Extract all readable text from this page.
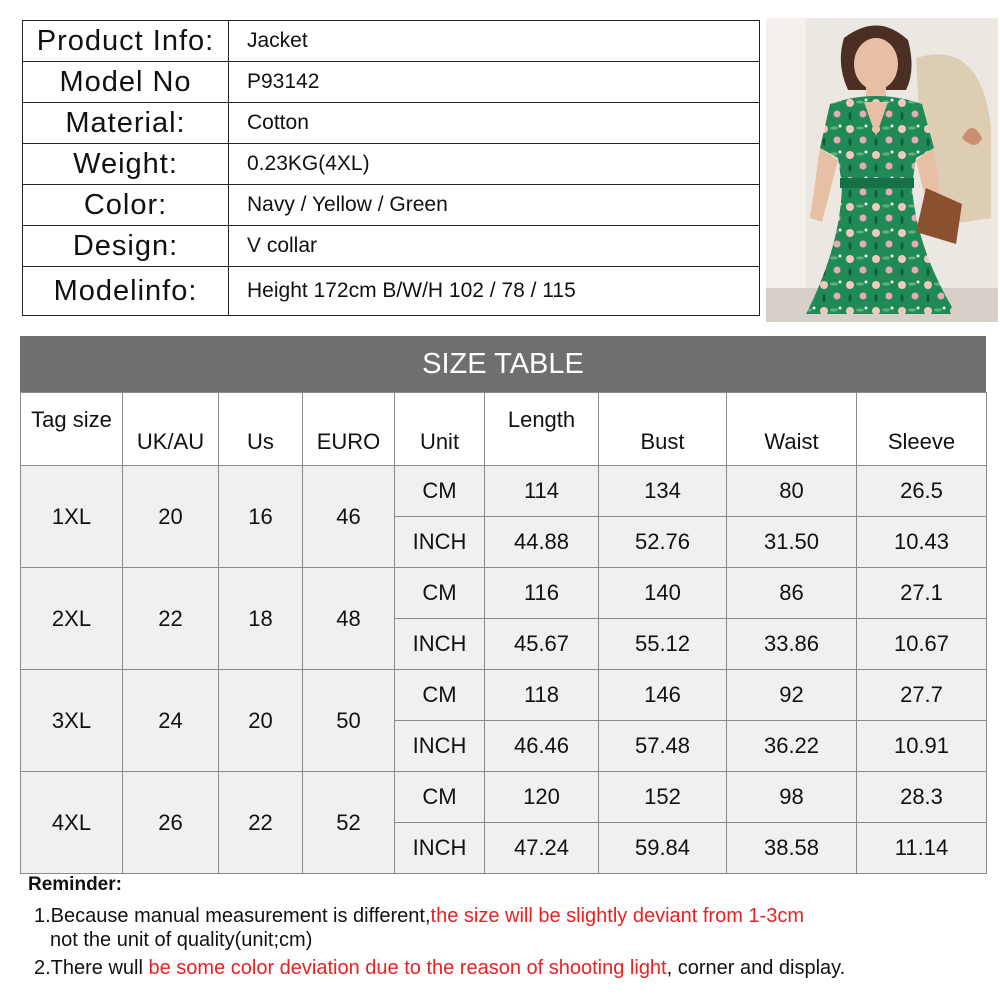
Product Info:	Jacket
Model No	P93142
Material:	Cotton
Weight:	0.23KG(4XL)
Color:	Navy / Yellow / Green
Design:	V collar
Modelinfo:	Height 172cm B/W/H 102 / 78 / 115
SIZE TABLE
Tag size	UK/AU	Us	EURO	Unit	Length	Bust	Waist	Sleeve
1XL	20	16	46	CM	114	134	80	26.5
				INCH	44.88	52.76	31.50	10.43
2XL	22	18	48	CM	116	140	86	27.1
				INCH	45.67	55.12	33.86	10.67
3XL	24	20	50	CM	118	146	92	27.7
				INCH	46.46	57.48	36.22	10.91
4XL	26	22	52	CM	120	152	98	28.3
				INCH	47.24	59.84	38.58	11.14
Reminder:
1.Because manual measurement is different,the size will be slightly deviant from 1-3cm
not the unit of quality(unit;cm)
2.There wull be some color deviation due to the reason of shooting light, corner and display.
